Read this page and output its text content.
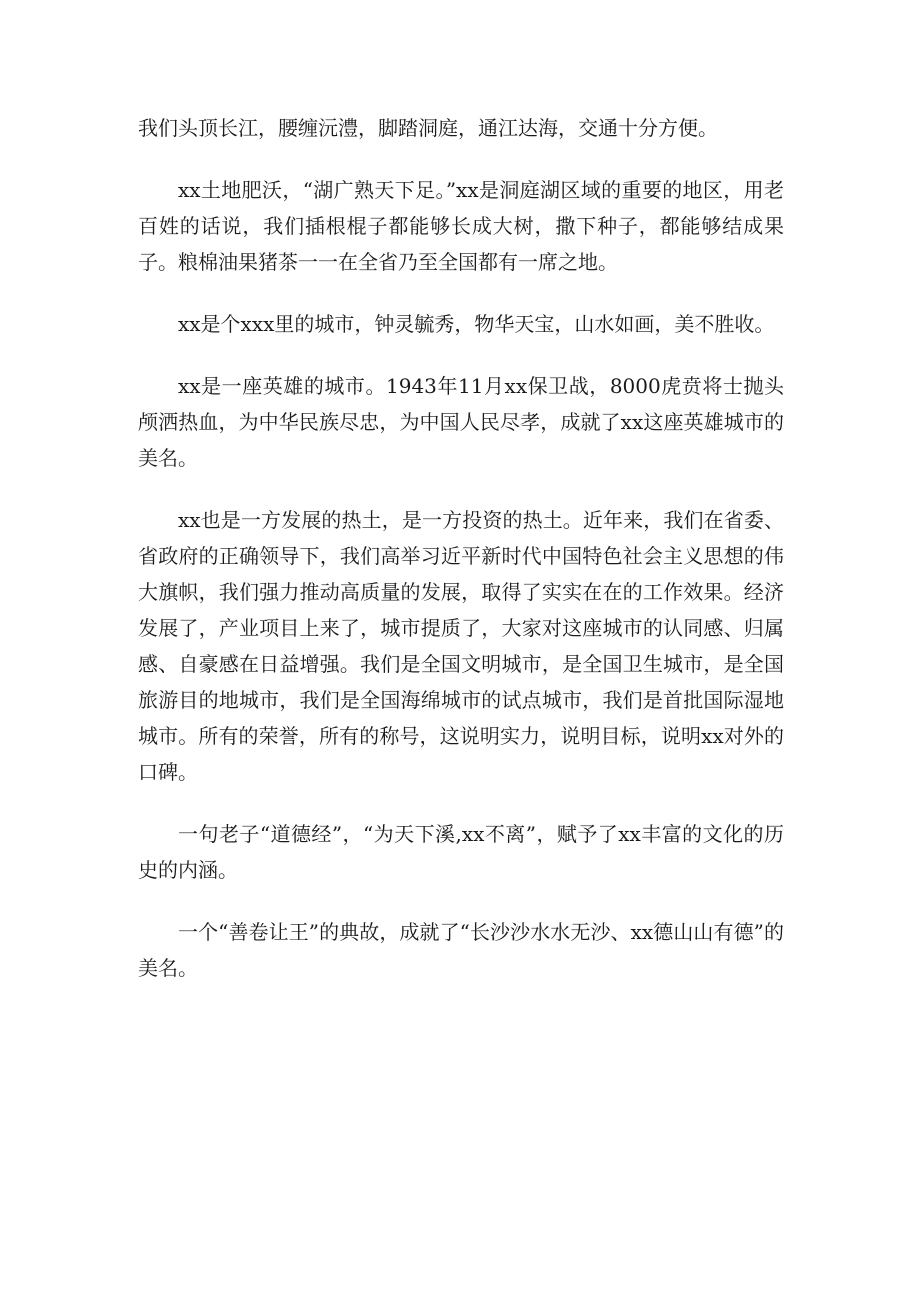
我们头顶长江，腰缠沅澧，脚踏洞庭，通江达海，交通十分方便。

xx土地肥沃，“湖广熟天下足。”xx是洞庭湖区域的重要的地区，用老百姓的话说，我们插根棍子都能够长成大树，撒下种子，都能够结成果子。粮棉油果猪茶一一在全省乃至全国都有一席之地。

xx是个xxx里的城市，钟灵毓秀，物华天宝，山水如画，美不胜收。

xx是一座英雄的城市。1943年11月xx保卫战，8000虎贲将士抛头颅洒热血，为中华民族尽忠，为中国人民尽孝，成就了xx这座英雄城市的美名。

xx也是一方发展的热土，是一方投资的热土。近年来，我们在省委、省政府的正确领导下，我们高举习近平新时代中国特色社会主义思想的伟大旗帜，我们强力推动高质量的发展，取得了实实在在的工作效果。经济发展了，产业项目上来了，城市提质了，大家对这座城市的认同感、归属感、自豪感在日益增强。我们是全国文明城市，是全国卫生城市，是全国旅游目的地城市，我们是全国海绵城市的试点城市，我们是首批国际湿地城市。所有的荣誉，所有的称号，这说明实力，说明目标，说明xx对外的口碑。

一句老子“道德经”，“为天下溪,xx不离”，赋予了xx丰富的文化的历史的内涵。

一个“善卷让王”的典故，成就了“长沙沙水水无沙、xx德山山有德”的美名。
